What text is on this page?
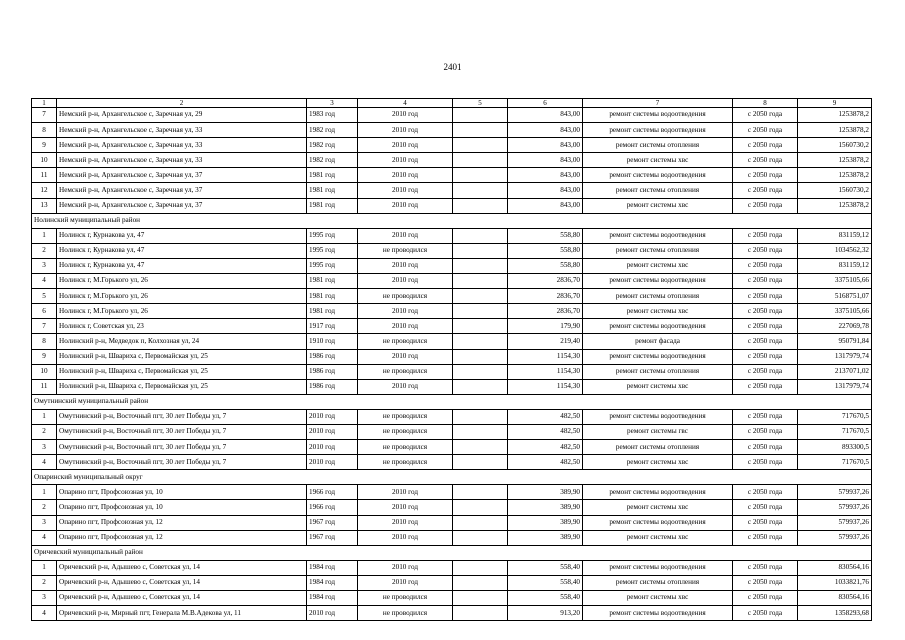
2401
1	2	3	4	5	6	7	8	9
7	Немский р-н, Архангельское с, Заречная ул, 29	1983 год	2010 год		843,00	ремонт системы водоотведения	с 2050 года	1253878,2
8	Немский р-н, Архангельское с, Заречная ул, 33	1982 год	2010 год		843,00	ремонт системы водоотведения	с 2050 года	1253878,2
9	Немский р-н, Архангельское с, Заречная ул, 33	1982 год	2010 год		843,00	ремонт системы отопления	с 2050 года	1560730,2
10	Немский р-н, Архангельское с, Заречная ул, 33	1982 год	2010 год		843,00	ремонт системы хвс	с 2050 года	1253878,2
11	Немский р-н, Архангельское с, Заречная ул, 37	1981 год	2010 год		843,00	ремонт системы водоотведения	с 2050 года	1253878,2
12	Немский р-н, Архангельское с, Заречная ул, 37	1981 год	2010 год		843,00	ремонт системы отопления	с 2050 года	1560730,2
13	Немский р-н, Архангельское с, Заречная ул, 37	1981 год	2010 год		843,00	ремонт системы хвс	с 2050 года	1253878,2
Нолинский муниципальный район								
1	Нолинск г, Курнакова ул, 47	1995 год	2010 год		558,80	ремонт системы водоотведения	с 2050 года	831159,12
2	Нолинск г, Курнакова ул, 47	1995 год	не проводился		558,80	ремонт системы отопления	с 2050 года	1034562,32
3	Нолинск г, Курнакова ул, 47	1995 год	2010 год		558,80	ремонт системы хвс	с 2050 года	831159,12
4	Нолинск г, М.Горького ул, 26	1981 год	2010 год		2836,70	ремонт системы водоотведения	с 2050 года	3375105,66
5	Нолинск г, М.Горького ул, 26	1981 год	не проводился		2836,70	ремонт системы отопления	с 2050 года	5168751,07
6	Нолинск г, М.Горького ул, 26	1981 год	2010 год		2836,70	ремонт системы хвс	с 2050 года	3375105,66
7	Нолинск г, Советская ул, 23	1917 год	2010 год		179,90	ремонт системы водоотведения	с 2050 года	227069,78
8	Нолинский р-н, Медведок п, Колхозная ул, 24	1910 год	не проводился		219,40	ремонт фасада	с 2050 года	950791,84
9	Нолинский р-н, Швариха с, Первомайская ул, 25	1986 год	2010 год		1154,30	ремонт системы водоотведения	с 2050 года	1317979,74
10	Нолинский р-н, Швариха с, Первомайская ул, 25	1986 год	не проводился		1154,30	ремонт системы отопления	с 2050 года	2137071,02
11	Нолинский р-н, Швариха с, Первомайская ул, 25	1986 год	2010 год		1154,30	ремонт системы хвс	с 2050 года	1317979,74
Омутнинский муниципальный район								
1	Омутнинский р-н, Восточный пгт, 30 лет Победы ул, 7	2010 год	не проводился		482,50	ремонт системы водоотведения	с 2050 года	717670,5
2	Омутнинский р-н, Восточный пгт, 30 лет Победы ул, 7	2010 год	не проводился		482,50	ремонт системы гвс	с 2050 года	717670,5
3	Омутнинский р-н, Восточный пгт, 30 лет Победы ул, 7	2010 год	не проводился		482,50	ремонт системы отопления	с 2050 года	893300,5
4	Омутнинский р-н, Восточный пгт, 30 лет Победы ул, 7	2010 год	не проводился		482,50	ремонт системы хвс	с 2050 года	717670,5
Опаринский муниципальный округ								
1	Опарино пгт, Профсоюзная ул, 10	1966 год	2010 год		389,90	ремонт системы водоотведения	с 2050 года	579937,26
2	Опарино пгт, Профсоюзная ул, 10	1966 год	2010 год		389,90	ремонт системы хвс	с 2050 года	579937,26
3	Опарино пгт, Профсоюзная ул, 12	1967 год	2010 год		389,90	ремонт системы водоотведения	с 2050 года	579937,26
4	Опарино пгт, Профсоюзная ул, 12	1967 год	2010 год		389,90	ремонт системы хвс	с 2050 года	579937,26
Оричевский муниципальный район								
1	Оричевский р-н, Адышево с, Советская ул, 14	1984 год	2010 год		558,40	ремонт системы водоотведения	с 2050 года	830564,16
2	Оричевский р-н, Адышево с, Советская ул, 14	1984 год	2010 год		558,40	ремонт системы отопления	с 2050 года	1033821,76
3	Оричевский р-н, Адышево с, Советская ул, 14	1984 год	не проводился		558,40	ремонт системы хвс	с 2050 года	830564,16
4	Оричевский р-н, Мирный пгт, Генерала М.В.Адекова ул, 11	2010 год	не проводился		913,20	ремонт системы водоотведения	с 2050 года	1358293,68
